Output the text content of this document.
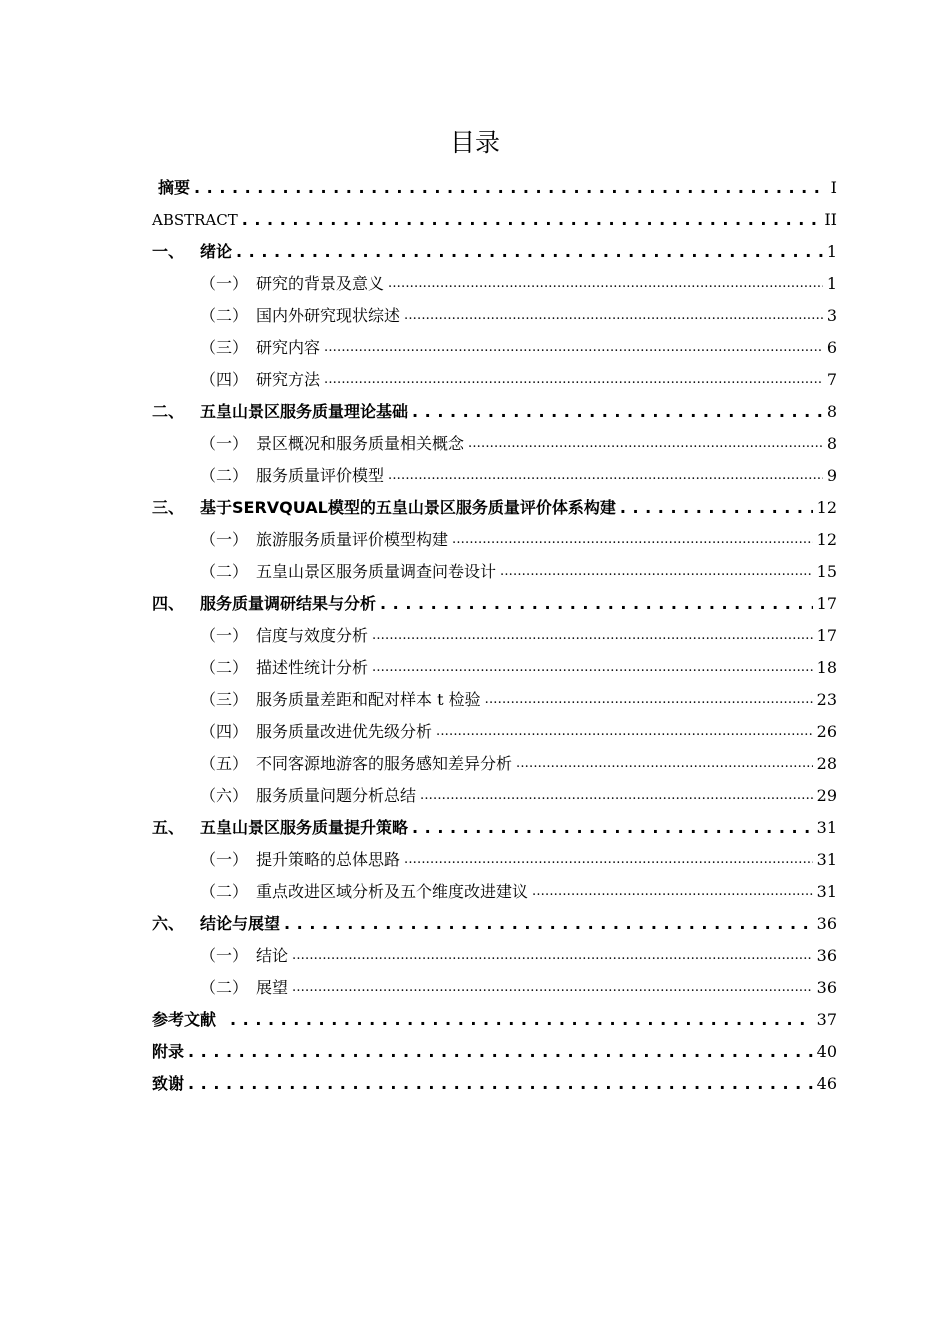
目录
摘要 . . .	I
ABSTRACT . . .	II
一、 绪论 . . .	1
（一） 研究的背景及意义 .....	1
（二） 国内外研究现状综述 .....	3
（三） 研究内容 .....	6
（四） 研究方法 .....	7
二、 五皇山景区服务质量理论基础 . . .	8
（一） 景区概况和服务质量相关概念 .....	8
（二） 服务质量评价模型 .....	9
三、 基于SERVQUAL模型的五皇山景区服务质量评价体系构建 . . .	12
（一） 旅游服务质量评价模型构建 .....	12
（二） 五皇山景区服务质量调查问卷设计 .....	15
四、 服务质量调研结果与分析 . . .	17
（一） 信度与效度分析 .....	17
（二） 描述性统计分析 .....	18
（三） 服务质量差距和配对样本 t 检验 .....	23
（四） 服务质量改进优先级分析 .....	26
（五） 不同客源地游客的服务感知差异分析 .....	28
（六） 服务质量问题分析总结 .....	29
五、 五皇山景区服务质量提升策略 . . .	31
（一） 提升策略的总体思路 .....	31
（二） 重点改进区域分析及五个维度改进建议 .....	31
六、 结论与展望 . . .	36
（一） 结论 .....	36
（二） 展望 .....	36
参考文献 . . .	37
附录 . . .	40
致谢 . . .	46
